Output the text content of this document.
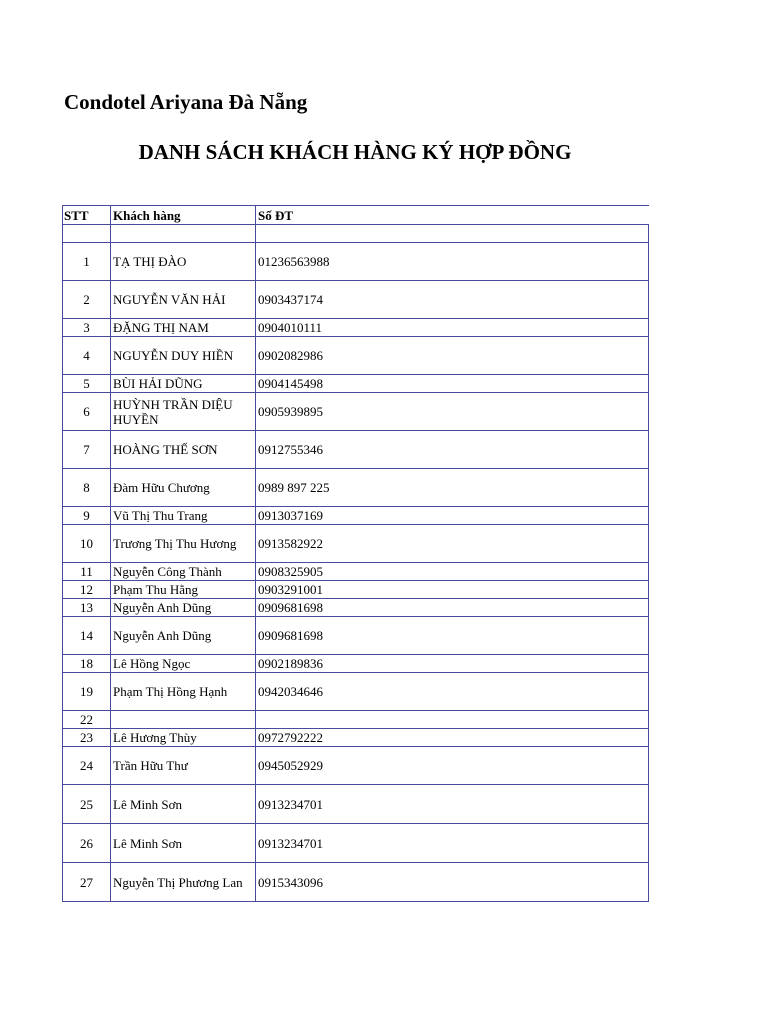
Condotel Ariyana Đà Nẵng
DANH SÁCH KHÁCH HÀNG KÝ HỢP ĐỒNG
STT	Khách hàng	Số ĐT

1	TẠ THỊ ĐÀO	01236563988
2	NGUYỄN VĂN HẢI	0903437174
3	ĐẶNG THỊ NAM	0904010111
4	NGUYỄN DUY HIỀN	0902082986
5	BÙI HẢI DŨNG	0904145498
6	HUỲNH TRẦN DIỆU HUYỀN	0905939895
7	HOÀNG THẾ SƠN	0912755346
8	Đàm Hữu Chương	0989 897 225
9	Vũ Thị Thu Trang	0913037169
10	Trương Thị Thu Hương	0913582922
11	Nguyễn Công Thành	0908325905
12	Phạm Thu Hằng	0903291001
13	Nguyễn Anh Dũng	0909681698
14	Nguyễn Anh Dũng	0909681698
18	Lê Hồng Ngọc	0902189836
19	Phạm Thị Hồng Hạnh	0942034646
22		
23	Lê Hương Thùy	0972792222
24	Trần Hữu Thư	0945052929
25	Lê Minh Sơn	0913234701
26	Lê Minh Sơn	0913234701
27	Nguyễn Thị Phương Lan	0915343096
